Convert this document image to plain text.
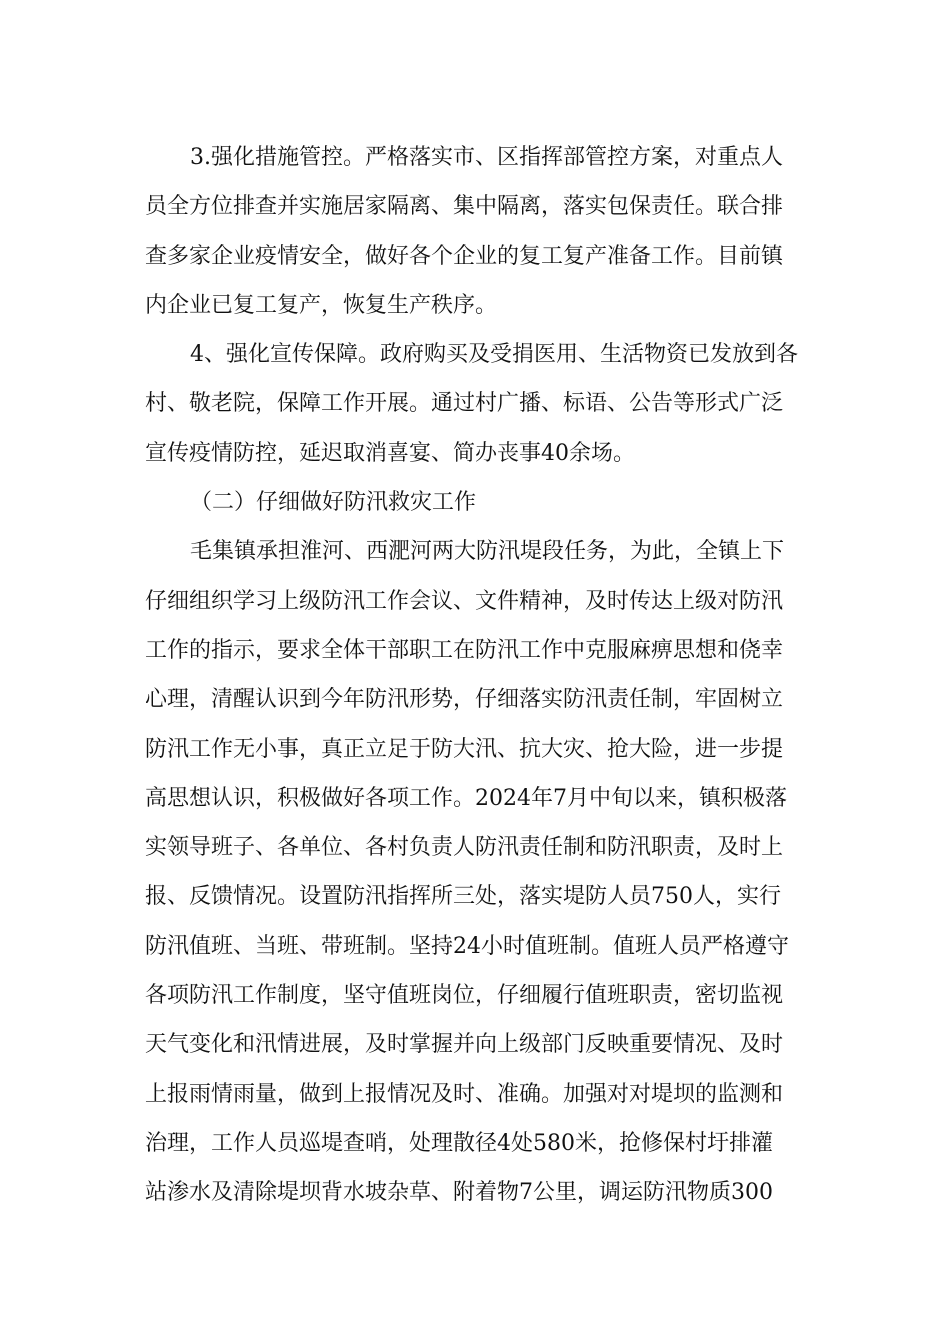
3.强化措施管控。严格落实市、区指挥部管控方案，对重点人
员全方位排查并实施居家隔离、集中隔离，落实包保责任。联合排
查多家企业疫情安全，做好各个企业的复工复产准备工作。目前镇
内企业已复工复产，恢复生产秩序。
4、强化宣传保障。政府购买及受捐医用、生活物资已发放到各
村、敬老院，保障工作开展。通过村广播、标语、公告等形式广泛
宣传疫情防控，延迟取消喜宴、简办丧事40余场。
（二）仔细做好防汛救灾工作
毛集镇承担淮河、西淝河两大防汛堤段任务，为此，全镇上下
仔细组织学习上级防汛工作会议、文件精神，及时传达上级对防汛
工作的指示，要求全体干部职工在防汛工作中克服麻痹思想和侥幸
心理，清醒认识到今年防汛形势，仔细落实防汛责任制，牢固树立
防汛工作无小事，真正立足于防大汛、抗大灾、抢大险，进一步提
高思想认识，积极做好各项工作。2024年7月中旬以来，镇积极落
实领导班子、各单位、各村负责人防汛责任制和防汛职责，及时上
报、反馈情况。设置防汛指挥所三处，落实堤防人员750人，实行
防汛值班、当班、带班制。坚持24小时值班制。值班人员严格遵守
各项防汛工作制度，坚守值班岗位，仔细履行值班职责，密切监视
天气变化和汛情进展，及时掌握并向上级部门反映重要情况、及时
上报雨情雨量，做到上报情况及时、准确。加强对对堤坝的监测和
治理，工作人员巡堤查哨，处理散径4处580米，抢修保村圩排灌
站渗水及清除堤坝背水坡杂草、附着物7公里，调运防汛物质300
